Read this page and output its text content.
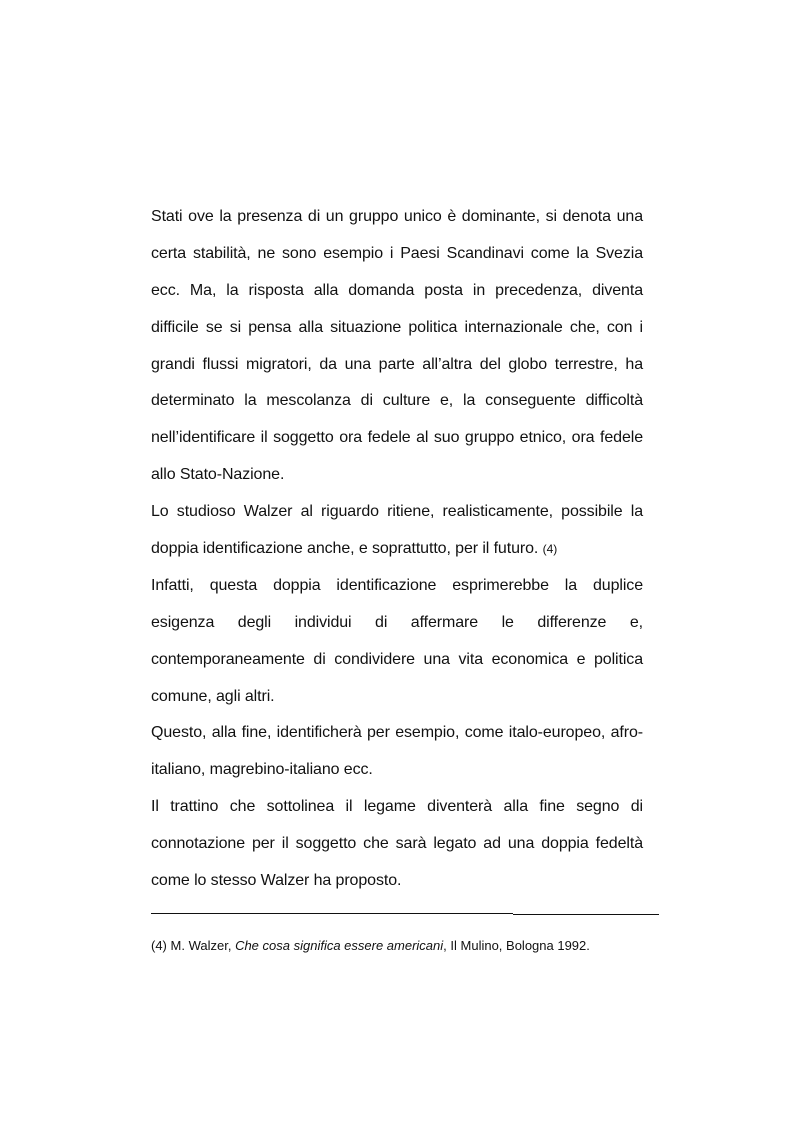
Stati ove la presenza di un gruppo unico è dominante, si denota una
certa stabilità, ne sono esempio i Paesi Scandinavi come la Svezia
ecc. Ma, la risposta alla domanda posta in precedenza, diventa
difficile se si pensa alla situazione politica internazionale che, con i
grandi flussi migratori, da una parte all’altra del globo terrestre, ha
determinato la mescolanza di culture e, la conseguente difficoltà
nell’identificare il soggetto ora fedele al suo gruppo etnico, ora fedele
allo Stato-Nazione.
Lo studioso Walzer al riguardo ritiene, realisticamente, possibile la
doppia identificazione anche, e soprattutto, per il futuro. (4)
Infatti, questa doppia identificazione esprimerebbe la duplice
esigenza degli individui di affermare le differenze e,
contemporaneamente di condividere una vita economica e politica
comune, agli altri.
Questo, alla fine, identificherà per esempio, come italo-europeo, afro-
italiano, magrebino-italiano ecc.
Il trattino che sottolinea il legame diventerà alla fine segno di
connotazione per il soggetto che sarà legato ad una doppia fedeltà
come lo stesso Walzer ha proposto.
(4) M. Walzer, Che cosa significa essere americani, Il Mulino, Bologna 1992.
